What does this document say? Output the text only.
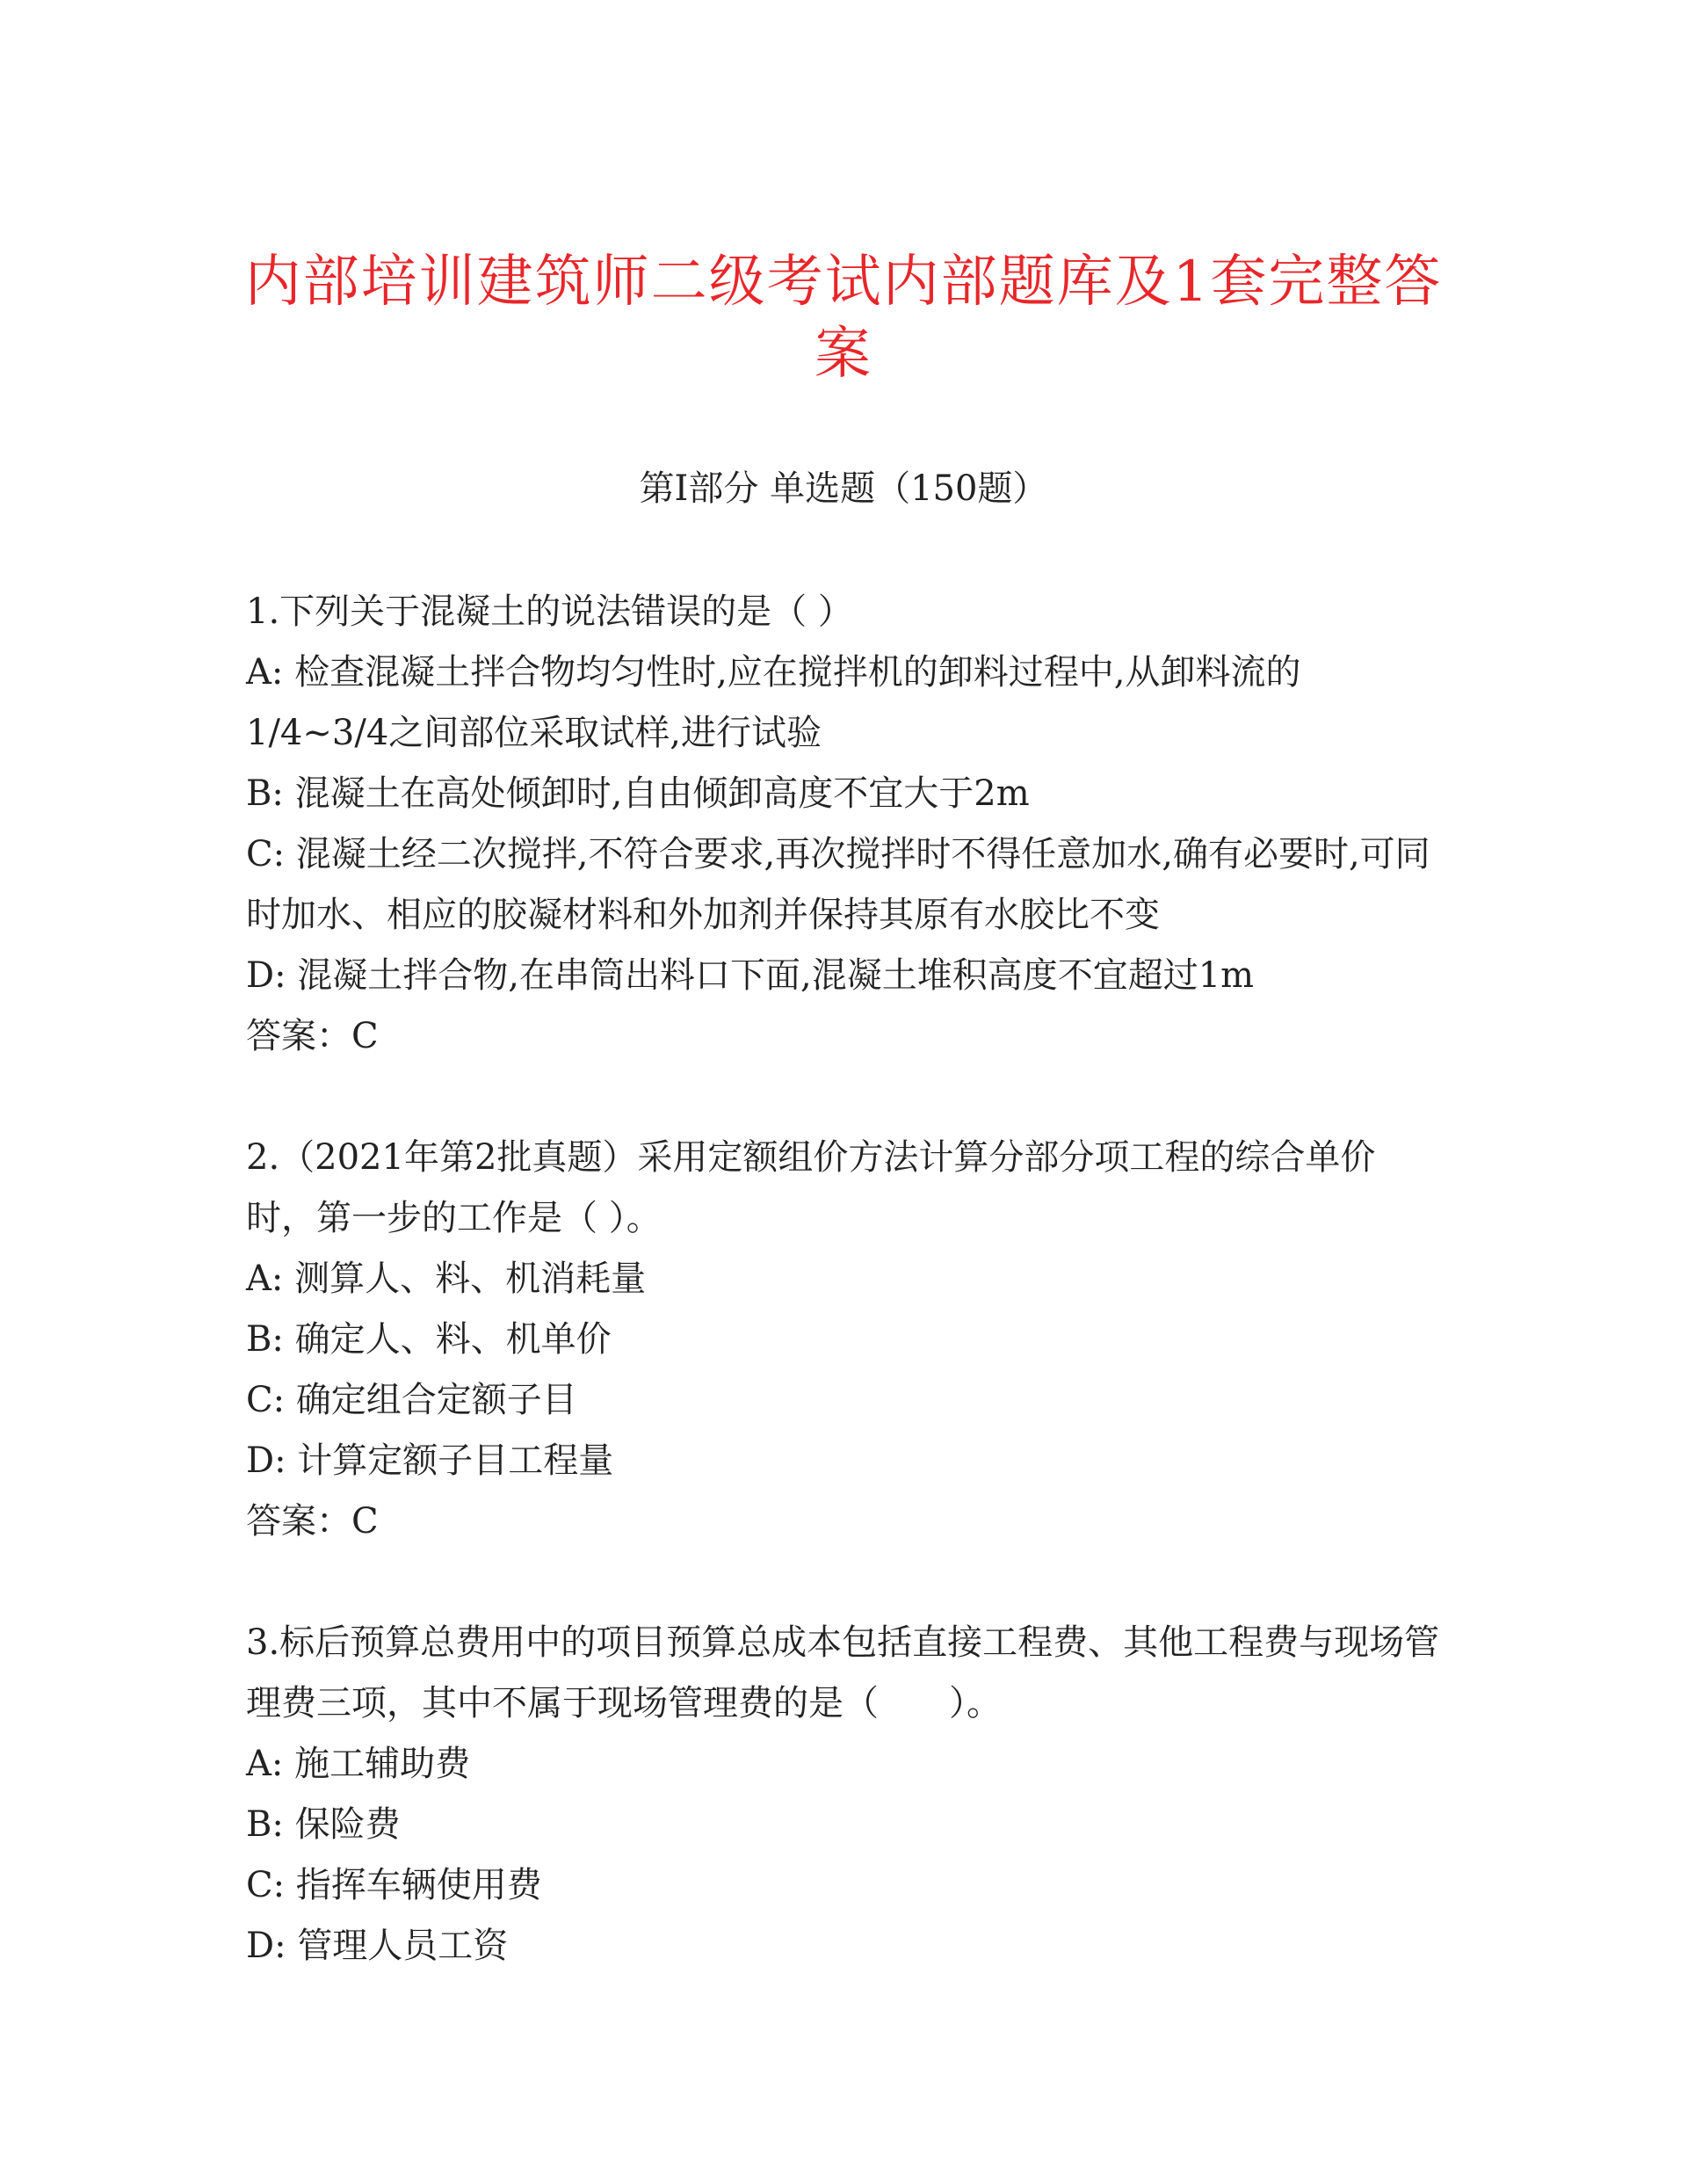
内部培训建筑师二级考试内部题库及1套完整答案
第I部分 单选题（150题）

1.下列关于混凝土的说法错误的是（ ）

A: 检查混凝土拌合物均匀性时,应在搅拌机的卸料过程中,从卸料流的1/4~3/4之间部位采取试样,进行试验

B: 混凝土在高处倾卸时,自由倾卸高度不宜大于2m

C: 混凝土经二次搅拌,不符合要求,再次搅拌时不得任意加水,确有必要时,可同时加水、相应的胶凝材料和外加剂并保持其原有水胶比不变

D: 混凝土拌合物,在串筒出料口下面,混凝土堆积高度不宜超过1m

答案：C

2.（2021年第2批真题）采用定额组价方法计算分部分项工程的综合单价时，第一步的工作是（ ）。

A: 测算人、料、机消耗量

B: 确定人、料、机单价

C: 确定组合定额子目

D: 计算定额子目工程量

答案：C

3.标后预算总费用中的项目预算总成本包括直接工程费、其他工程费与现场管理费三项，其中不属于现场管理费的是（　　）。

A: 施工辅助费

B: 保险费

C: 指挥车辆使用费

D: 管理人员工资
